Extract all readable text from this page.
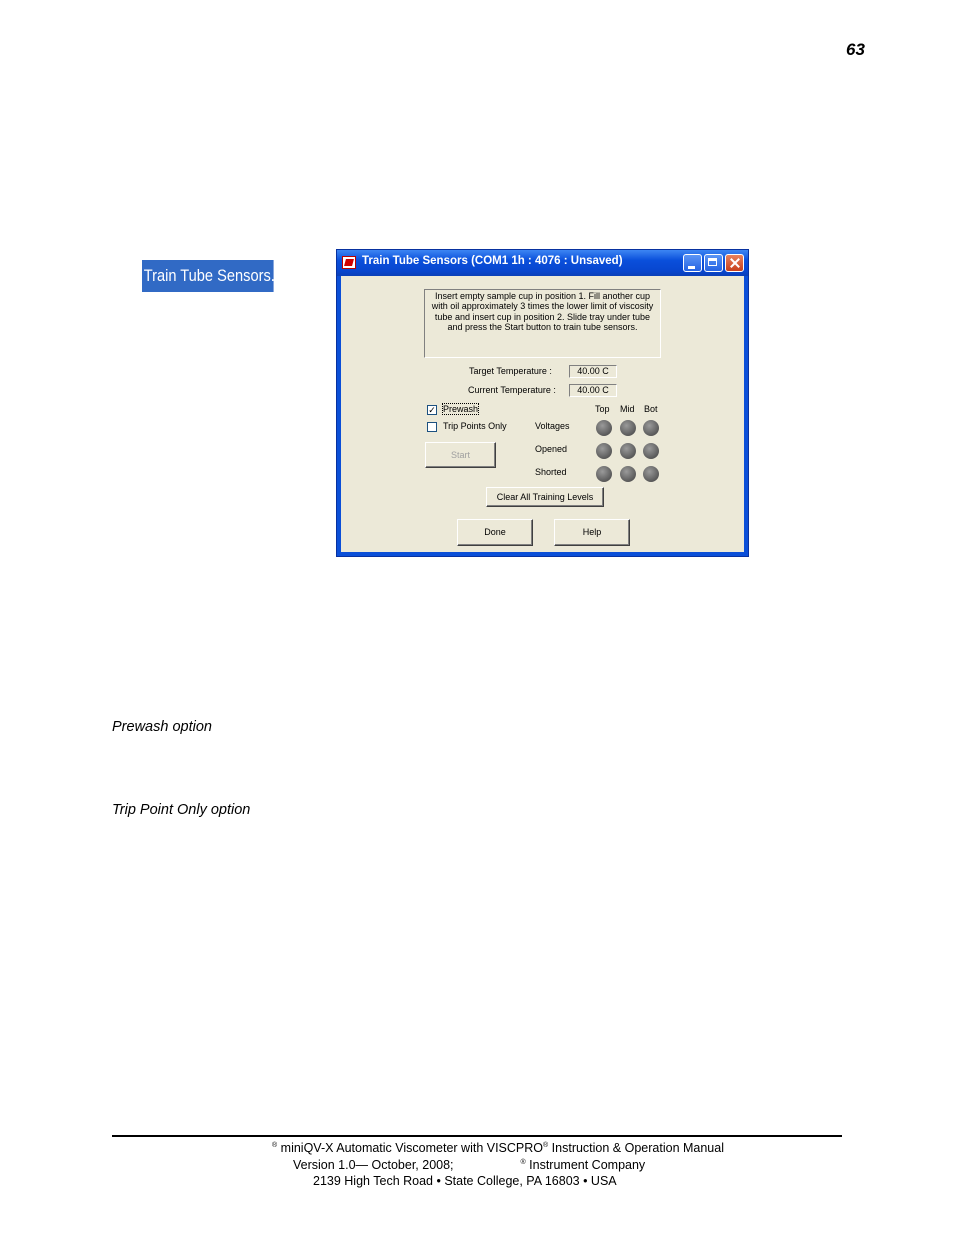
63
Train Tube Sensors...
Train Tube Sensors (COM1 1h : 4076 : Unsaved)
Insert empty sample cup in position 1. Fill another cup with oil approximately 3 times the lower limit of viscosity tube and insert cup in position 2. Slide tray under tube and press the Start button to train tube sensors.
Target Temperature :	40.00 C
Current Temperature :	40.00 C
✓ Prewash
Trip Points Only
Start
Top Mid Bot
Voltages
Opened
Shorted
Clear All Training Levels
Done	Help
Prewash option
Trip Point Only option
® miniQV-X Automatic Viscometer with VISCPRO® Instruction & Operation Manual
Version 1.0— October, 2008;	® Instrument Company
2139 High Tech Road • State College, PA 16803 • USA
